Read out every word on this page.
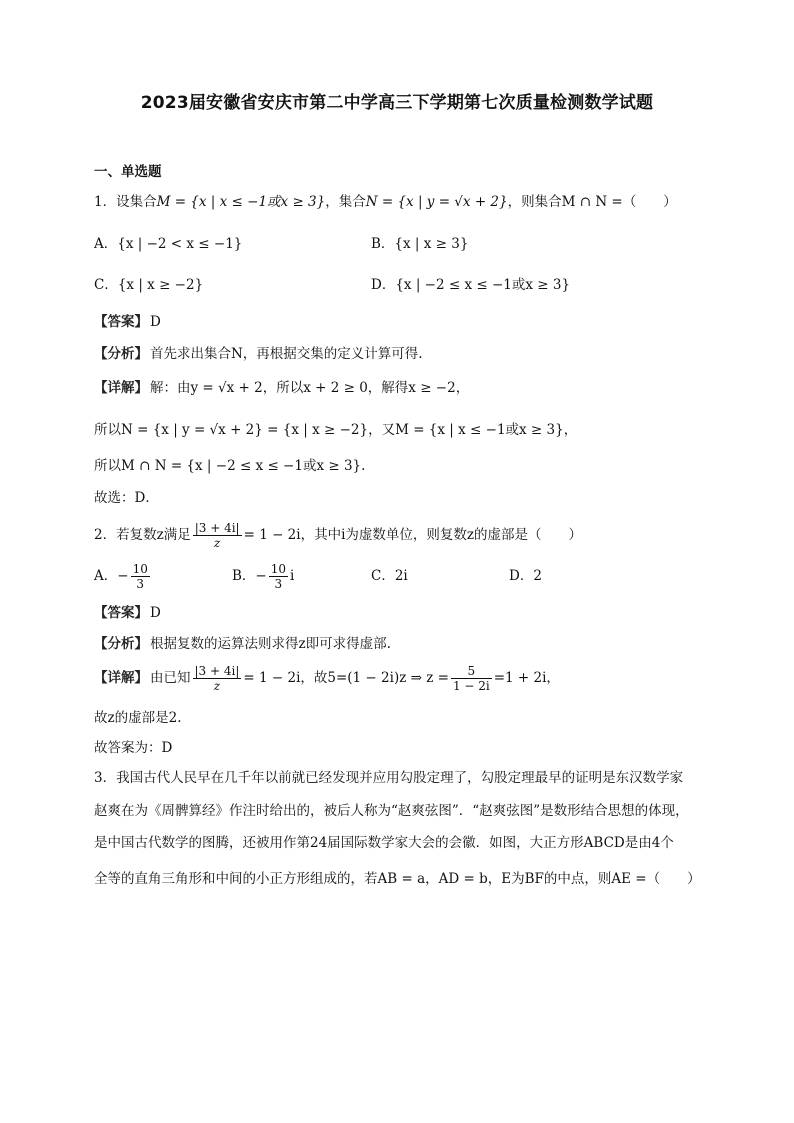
2023届安徽省安庆市第二中学高三下学期第七次质量检测数学试题
一、单选题
1．设集合M = {x | x ≤ −1或x ≥ 3}，集合N = {x | y = √x + 2}，则集合M ∩ N =（　　）
A．{x | −2 < x ≤ −1}	B．{x | x ≥ 3}
C．{x | x ≥ −2}	D．{x | −2 ≤ x ≤ −1或x ≥ 3}
【答案】 D
【分析】 首先求出集合N，再根据交集的定义计算可得.
【详解】 解：由y = √x + 2，所以x + 2 ≥ 0，解得x ≥ −2，
所以N = {x | y = √x + 2} = {x | x ≥ −2}，又M = {x | x ≤ −1或x ≥ 3}，
所以M ∩ N = {x | −2 ≤ x ≤ −1或x ≥ 3}.
故选：D．
2．若复数z满足 $\frac{|3 + 4i|}{z} = 1 - 2i$，其中i为虚数单位，则复数z的虚部是（　　）
A．− $\frac{10}{3}$	B．− $\frac{10}{3}$ i	C．2i	D．2
【答案】 D
【分析】 根据复数的运算法则求得z即可求得虚部.
【详解】 由已知 $\frac{|3 + 4i|}{z} = 1 - 2i$，故5=(1 − 2i)z ⇒ $z = \frac{5}{1 - 2i} =1 + 2i$，
故z的虚部是2.
故答案为：D
3．我国古代人民早在几千年以前就已经发现并应用勾股定理了，勾股定理最早的证明是东汉数学家
赵爽在为《周髀算经》作注时给出的，被后人称为“赵爽弦图”．“赵爽弦图”是数形结合思想的体现，
是中国古代数学的图腾，还被用作第24届国际数学家大会的会徽．如图，大正方形ABCD是由4个
全等的直角三角形和中间的小正方形组成的，若AB = a，AD = b，E为BF的中点，则AE =（　　）
